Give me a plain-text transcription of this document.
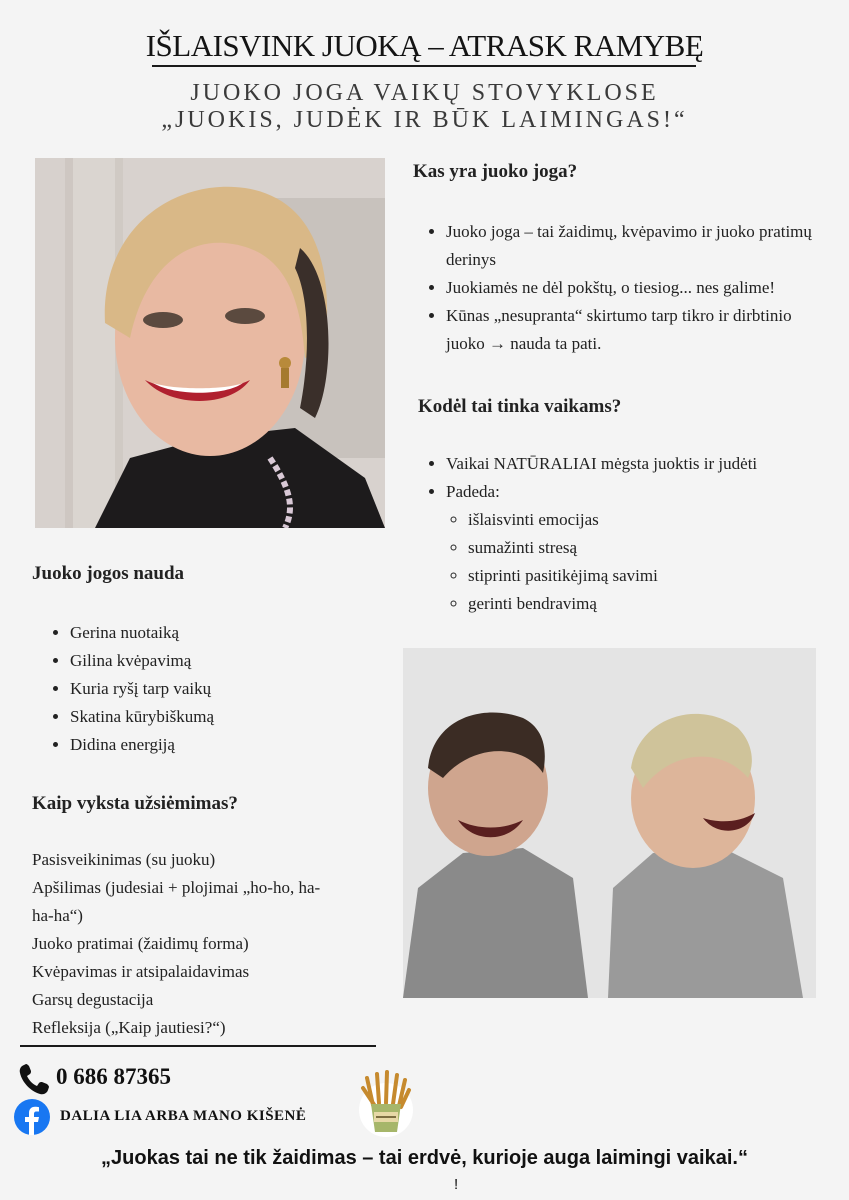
IŠLAISVINK JUOKĄ – ATRASK RAMYBĘ
JUOKO JOGA VAIKŲ STOVYKLOSE
„JUOKIS, JUDĖK IR BŪK LAIMINGAS!“
Kas yra juoko joga?
• Juoko joga – tai žaidimų, kvėpavimo ir juoko pratimų derinys
• Juokiamės ne dėl pokštų, o tiesiog... nes galime!
• Kūnas „nesupranta“ skirtumo tarp tikro ir dirbtinio juoko → nauda ta pati.
Kodėl tai tinka vaikams?
• Vaikai NATŪRALIAI mėgsta juoktis ir judėti
• Padeda:
◦ išlaisvinti emocijas
◦ sumažinti stresą
◦ stiprinti pasitikėjimą savimi
◦ gerinti bendravimą
Juoko jogos nauda
• Gerina nuotaiką
• Gilina kvėpavimą
• Kuria ryšį tarp vaikų
• Skatina kūrybiškumą
• Didina energiją
Kaip vyksta užsiėmimas?
Pasisveikinimas (su juoku)
Apšilimas (judesiai + plojimai „ho-ho, ha-
ha-ha“)
Juoko pratimai (žaidimų forma)
Kvėpavimas ir atsipalaidavimas
Garsų degustacija
Refleksija („Kaip jautiesi?“)
0 686 87365
DALIA LIA ARBA MANO KIŠENĖ
„Juokas tai ne tik žaidimas – tai erdvė, kurioje auga laimingi vaikai.“
!
